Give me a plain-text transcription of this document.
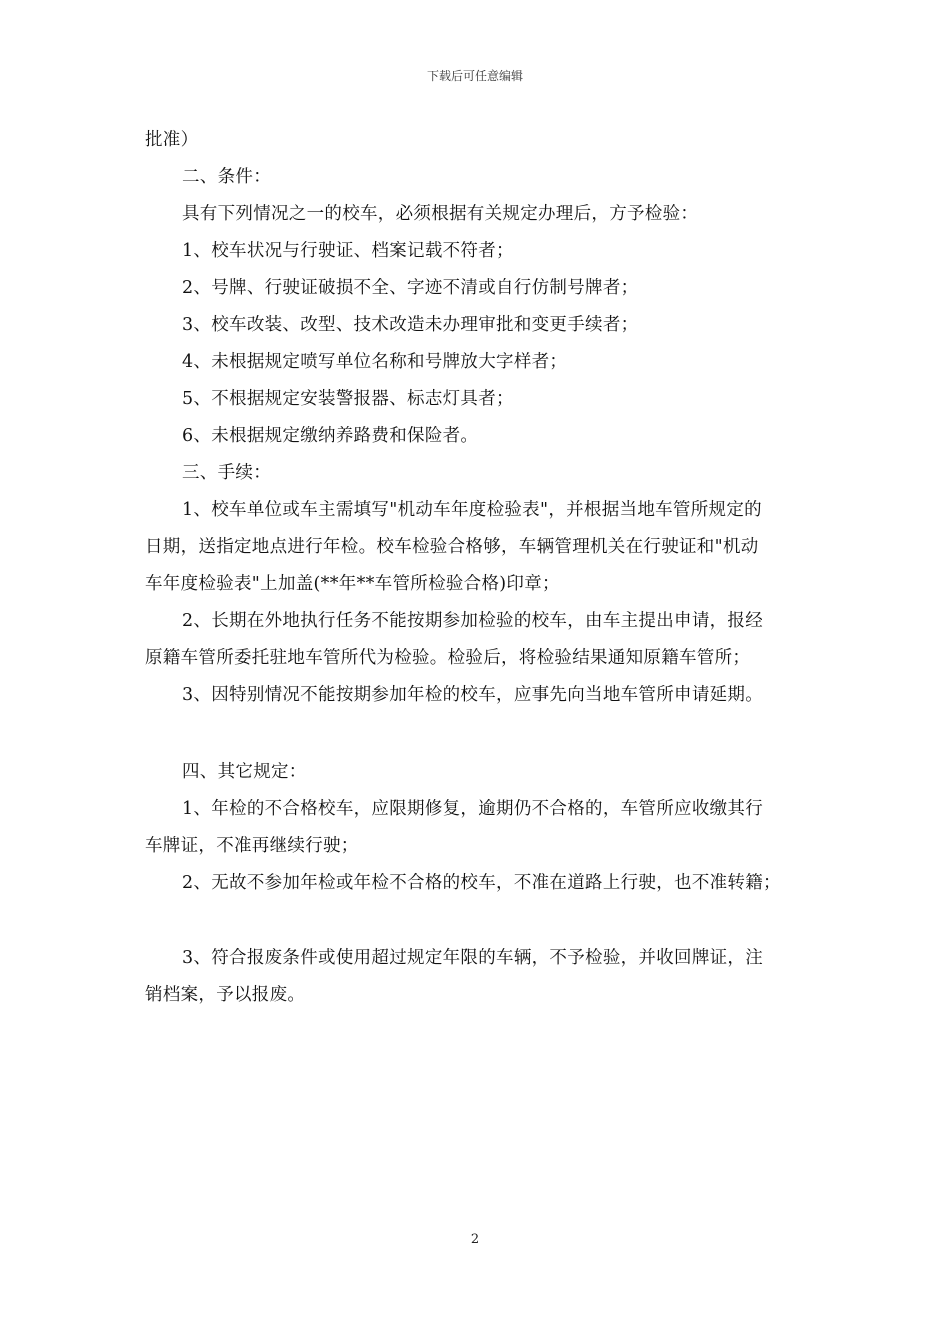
下载后可任意编辑
批准）
二、条件：
具有下列情况之一的校车，必须根据有关规定办理后，方予检验：
1、校车状况与行驶证、档案记载不符者；
2、号牌、行驶证破损不全、字迹不清或自行仿制号牌者；
3、校车改装、改型、技术改造未办理审批和变更手续者；
4、未根据规定喷写单位名称和号牌放大字样者；
5、不根据规定安装警报器、标志灯具者；
6、未根据规定缴纳养路费和保险者。
三、手续：
1、校车单位或车主需填写"机动车年度检验表"，并根据当地车管所规定的
日期，送指定地点进行年检。校车检验合格够，车辆管理机关在行驶证和"机动
车年度检验表"上加盖(**年**车管所检验合格)印章；
2、长期在外地执行任务不能按期参加检验的校车，由车主提出申请，报经
原籍车管所委托驻地车管所代为检验。检验后，将检验结果通知原籍车管所；
3、因特别情况不能按期参加年检的校车，应事先向当地车管所申请延期。
四、其它规定：
1、年检的不合格校车，应限期修复，逾期仍不合格的，车管所应收缴其行
车牌证，不准再继续行驶；
2、无故不参加年检或年检不合格的校车，不准在道路上行驶，也不准转籍；
3、符合报废条件或使用超过规定年限的车辆，不予检验，并收回牌证，注
销档案，予以报废。
2
